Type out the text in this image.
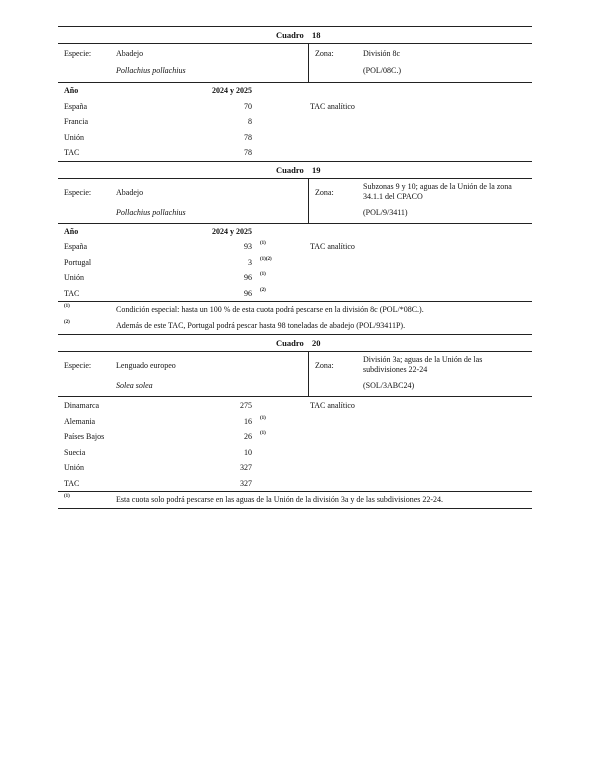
Cuadro 18
Especie:	Abadejo
Pollachius pollachius
Zona:	División 8c
(POL/08C.)
Año	2024 y 2025
España	70	TAC analítico
Francia	8
Unión	78
TAC	78
Cuadro 19
Especie:	Abadejo
Pollachius pollachius
Zona:
Subzonas 9 y 10; aguas de la Unión de la zona
34.1.1 del CPACO
(POL/9/3411)
Año	2024 y 2025
España	93 (1)	TAC analítico
Portugal	3 (1)(2)
Unión	96 (1)
TAC	96 (2)
(1)	Condición especial: hasta un 100 % de esta cuota podrá pescarse en la división 8c (POL/*08C.).
(2)	Además de este TAC, Portugal podrá pescar hasta 98 toneladas de abadejo (POL/93411P).
Cuadro 20
Especie:	Lenguado europeo
Solea solea
Zona:
División 3a; aguas de la Unión de las
subdivisiones 22-24
(SOL/3ABC24)
Dinamarca	275	TAC analítico
Alemania	16 (1)
Países Bajos	26 (1)
Suecia	10
Unión	327
TAC	327
(1)	Esta cuota solo podrá pescarse en las aguas de la Unión de la división 3a y de las subdivisiones 22-24.
